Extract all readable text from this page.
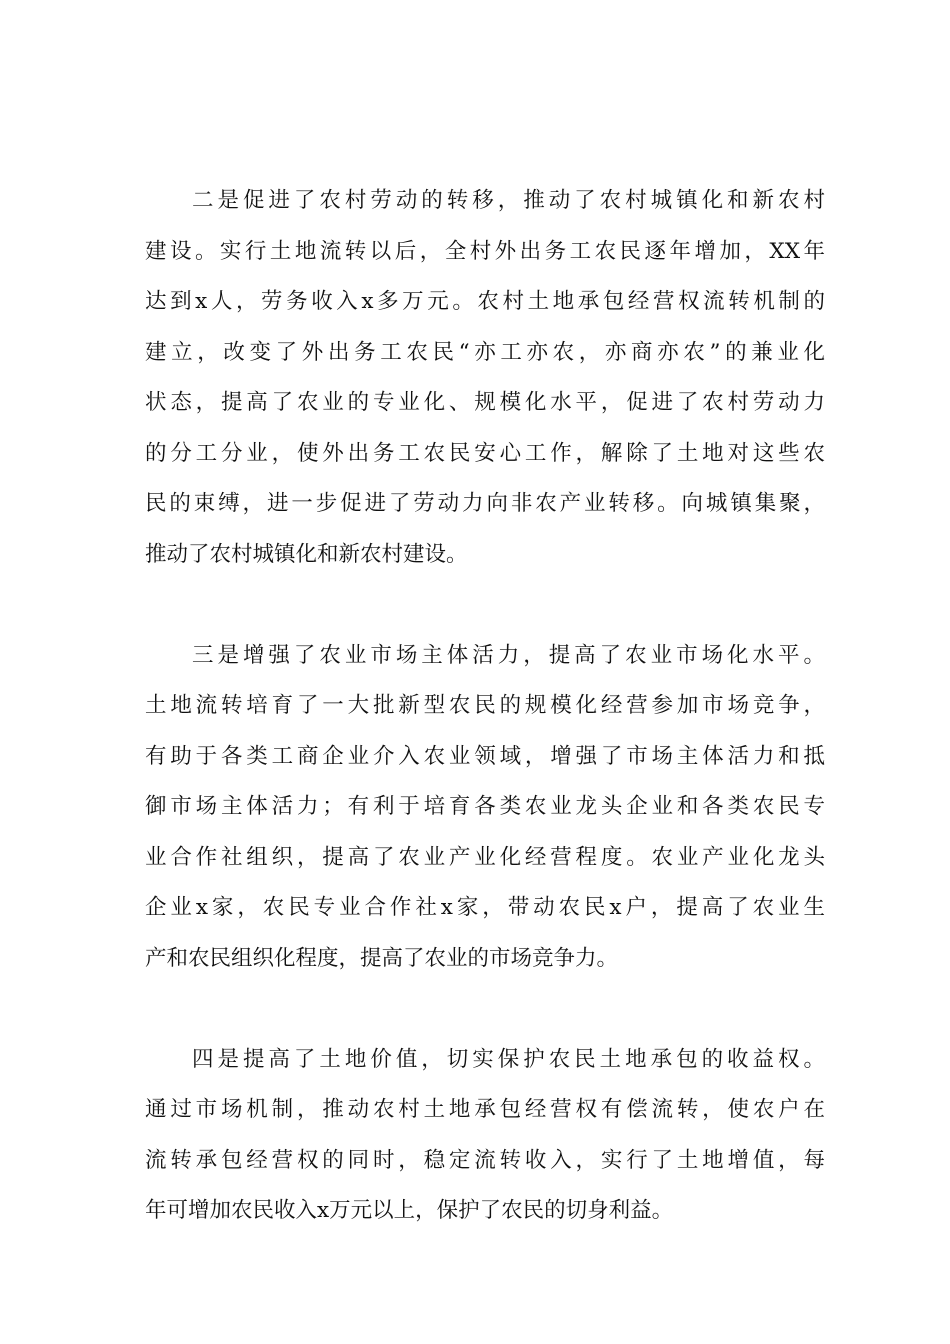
二是促进了农村劳动的转移，推动了农村城镇化和新农村
建设。实行土地流转以后，全村外出务工农民逐年增加，XX年
达到x人，劳务收入x多万元。农村土地承包经营权流转机制的
建立，改变了外出务工农民“亦工亦农，亦商亦农”的兼业化
状态，提高了农业的专业化、规模化水平，促进了农村劳动力
的分工分业，使外出务工农民安心工作，解除了土地对这些农
民的束缚，进一步促进了劳动力向非农产业转移。向城镇集聚，
推动了农村城镇化和新农村建设。
三是增强了农业市场主体活力，提高了农业市场化水平。
土地流转培育了一大批新型农民的规模化经营参加市场竞争，
有助于各类工商企业介入农业领域，增强了市场主体活力和抵
御市场主体活力；有利于培育各类农业龙头企业和各类农民专
业合作社组织，提高了农业产业化经营程度。农业产业化龙头
企业x家，农民专业合作社x家，带动农民x户，提高了农业生
产和农民组织化程度，提高了农业的市场竞争力。
四是提高了土地价值，切实保护农民土地承包的收益权。
通过市场机制，推动农村土地承包经营权有偿流转，使农户在
流转承包经营权的同时，稳定流转收入，实行了土地增值，每
年可增加农民收入x万元以上，保护了农民的切身利益。
